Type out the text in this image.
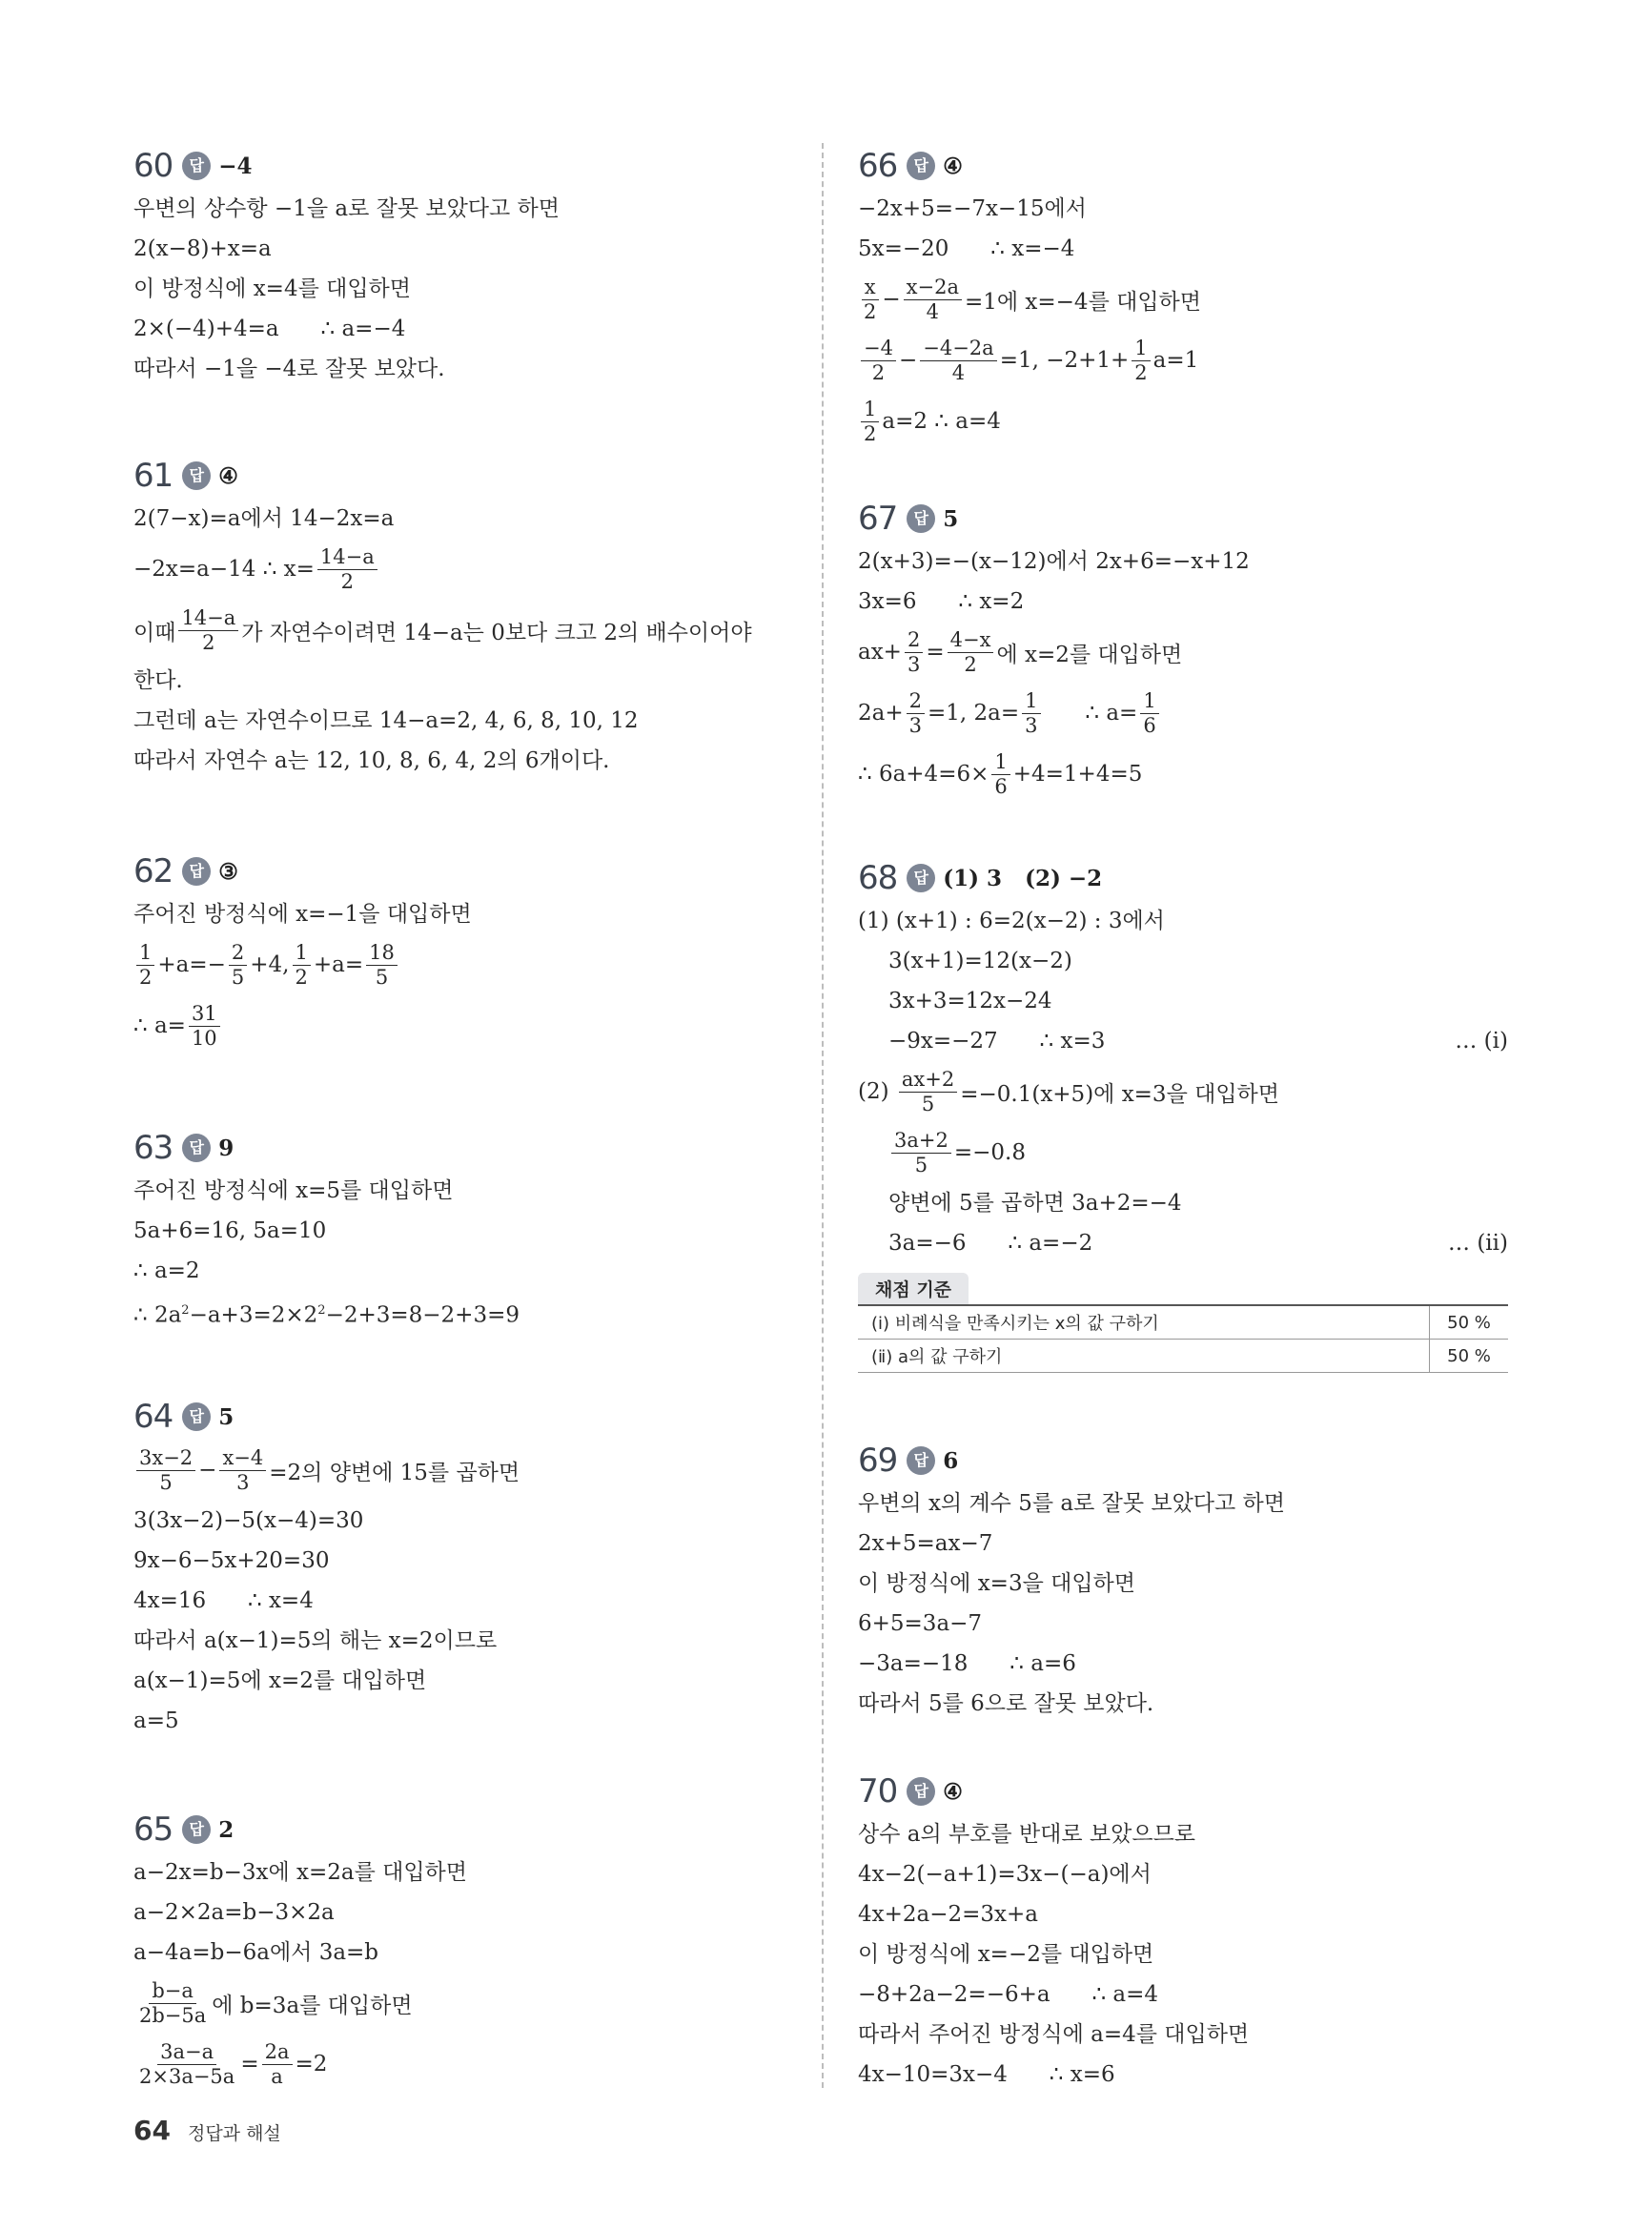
60	답 −4
우변의 상수항 −1을 a로 잘못 보았다고 하면
2(x−8)+x=a
이 방정식에 x=4를 대입하면
2×(−4)+4=a      ∴ a=−4
따라서 −1을 −4로 잘못 보았다.
61	답 ④
2(7−x)=a에서 14−2x=a
−2x=a−14 ∴ $x= \frac{14-a}{2}$
이때 $\frac{14-a}{2}$ 가 자연수이려면 14−a는 0보다 크고 2의 배수이어야
한다.
그런데 a는 자연수이므로 14−a=2, 4, 6, 8, 10, 12
따라서 자연수 a는 12, 10, 8, 6, 4, 2의 6개이다.
62	답 ③
주어진 방정식에 x=−1을 대입하면
$\frac{1}{2} +a=- \frac{2}{5} +4$, $\frac{1}{2} +a= \frac{18}{5}$
∴ $a= \frac{31}{10}$
63	답 9
주어진 방정식에 x=5를 대입하면
5a+6=16, 5a=10
∴ a=2
∴ $2a^2-a+3=2\times 2^2-2+3=8-2+3=9$
64	답 5
$\frac{3x-2}{5} - \frac{x-4}{3} =2$의 양변에 15를 곱하면
3(3x−2)−5(x−4)=30
9x−6−5x+20=30
4x=16      ∴ x=4
따라서 a(x−1)=5의 해는 x=2이므로
a(x−1)=5에 x=2를 대입하면
a=5
65	답 2
a−2x=b−3x에 x=2a를 대입하면
a−2×2a=b−3×2a
a−4a=b−6a에서 3a=b
$\frac{b-a}{2b-5a}$ 에 b=3a를 대입하면
$\frac{3a-a}{2\times 3a-5a} = \frac{2a}{a} =2$
66	답 ④
−2x+5=−7x−15에서
5x=−20      ∴ x=−4
$\frac{x}{2} - \frac{x-2a}{4} =1$에 x=−4를 대입하면
$\frac{-4}{2} - \frac{-4-2a}{4} =1$, $-2+1+ \frac{1}{2} a=1$
$\frac{1}{2} a=2$ ∴ a=4
67	답 5
2(x+3)=−(x−12)에서 2x+6=−x+12
3x=6      ∴ x=2
$ax+ \frac{2}{3} = \frac{4-x}{2}$ 에 x=2를 대입하면
$2a+ \frac{2}{3} =1$, $2a= \frac{1}{3}$ ∴ $a= \frac{1}{6}$
∴ $6a+4=6\times \frac{1}{6} +4=1+4=5$
68	답 (1) 3   (2) −2
(1) (x+1) : 6=2(x−2) : 3에서
3(x+1)=12(x−2)
3x+3=12x−24
−9x=−27      ∴ x=3	… (ⅰ)
$(2) \frac{ax+2}{5} =-0.1(x+5)$에 x=3을 대입하면
$\frac{3a+2}{5} =-0.8$
양변에 5를 곱하면 3a+2=−4
3a=−6      ∴ a=−2	… (ⅱ)
채점 기준
(ⅰ) 비례식을 만족시키는 x의 값 구하기	50 %
(ⅱ) a의 값 구하기	50 %
69	답 6
우변의 x의 계수 5를 a로 잘못 보았다고 하면
2x+5=ax−7
이 방정식에 x=3을 대입하면
6+5=3a−7
−3a=−18      ∴ a=6
따라서 5를 6으로 잘못 보았다.
70	답 ④
상수 a의 부호를 반대로 보았으므로
4x−2(−a+1)=3x−(−a)에서
4x+2a−2=3x+a
이 방정식에 x=−2를 대입하면
−8+2a−2=−6+a      ∴ a=4
따라서 주어진 방정식에 a=4를 대입하면
4x−10=3x−4      ∴ x=6
64 정답과 해설
